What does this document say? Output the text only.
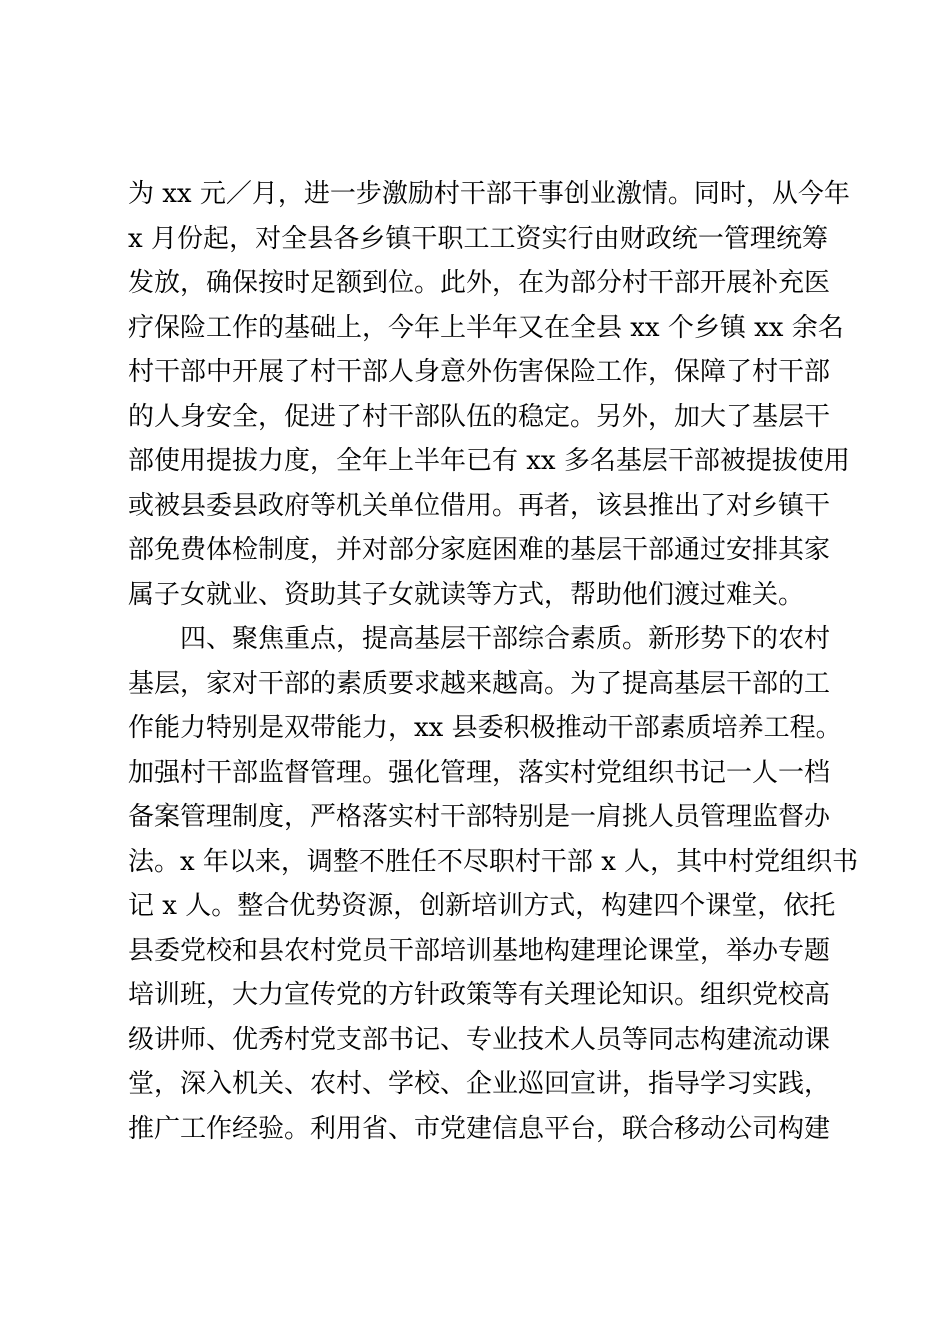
为 xx 元／月，进一步激励村干部干事创业激情。同时，从今年
x 月份起，对全县各乡镇干职工工资实行由财政统一管理统筹
发放，确保按时足额到位。此外，在为部分村干部开展补充医
疗保险工作的基础上，今年上半年又在全县 xx 个乡镇 xx 余名
村干部中开展了村干部人身意外伤害保险工作，保障了村干部
的人身安全，促进了村干部队伍的稳定。另外，加大了基层干
部使用提拔力度，全年上半年已有 xx 多名基层干部被提拔使用
或被县委县政府等机关单位借用。再者，该县推出了对乡镇干
部免费体检制度，并对部分家庭困难的基层干部通过安排其家
属子女就业、资助其子女就读等方式，帮助他们渡过难关。
四、聚焦重点，提高基层干部综合素质。新形势下的农村
基层，家对干部的素质要求越来越高。为了提高基层干部的工
作能力特别是双带能力，xx 县委积极推动干部素质培养工程。
加强村干部监督管理。强化管理，落实村党组织书记一人一档
备案管理制度，严格落实村干部特别是一肩挑人员管理监督办
法。x 年以来，调整不胜任不尽职村干部 x 人，其中村党组织书
记 x 人。整合优势资源，创新培训方式，构建四个课堂，依托
县委党校和县农村党员干部培训基地构建理论课堂，举办专题
培训班，大力宣传党的方针政策等有关理论知识。组织党校高
级讲师、优秀村党支部书记、专业技术人员等同志构建流动课
堂，深入机关、农村、学校、企业巡回宣讲，指导学习实践，
推广工作经验。利用省、市党建信息平台，联合移动公司构建
